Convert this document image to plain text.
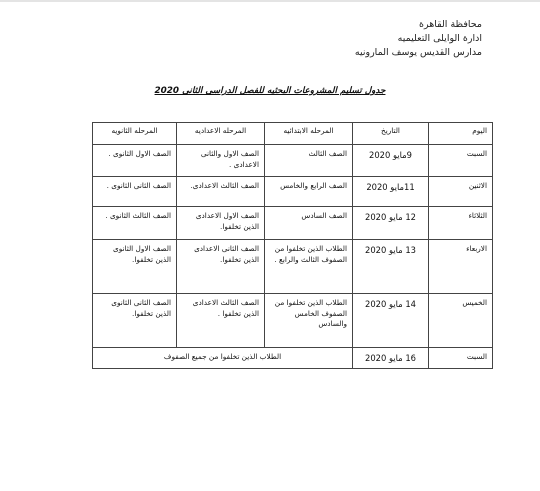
محافظة القاهرة
ادارة الوايلى التعليميه
مدارس القديس يوسف المارونيه
جدول تسليم المشروعات البحثيه للفصل الدراسى الثانى 2020
اليوم	التاريخ	المرحله الابتدائيه	المرحله الاعداديه	المرحله الثانويه
السبت	9مايو 2020	الصف الثالث	الصف الاول والثانى الاعدادى .	الصف الاول الثانوى .
الاثنين	11مايو 2020	الصف الرابع والخامس	الصف الثالث الاعدادى.	الصف الثانى الثانوى .
الثلاثاء	12 مايو 2020	الصف السادس	الصف الاول الاعدادى الذين تخلفوا.	الصف الثالث الثانوى .
الاربعاء	13 مايو 2020	الطلاب الذين تخلفوا من الصفوف الثالث والرابع .	الصف الثانى الاعدادى الذين تخلفوا.	الصف الاول الثانوى الذين تخلفوا.
الخميس	14 مايو 2020	الطلاب الذين تخلفوا من الصفوف الخامس والسادس	الصف الثالث الاعدادى الذين تخلفوا .	الصف الثانى الثانوى الذين تخلفوا.
السبت	16 مايو 2020	الطلاب الذين تخلفوا من جميع الصفوف		
